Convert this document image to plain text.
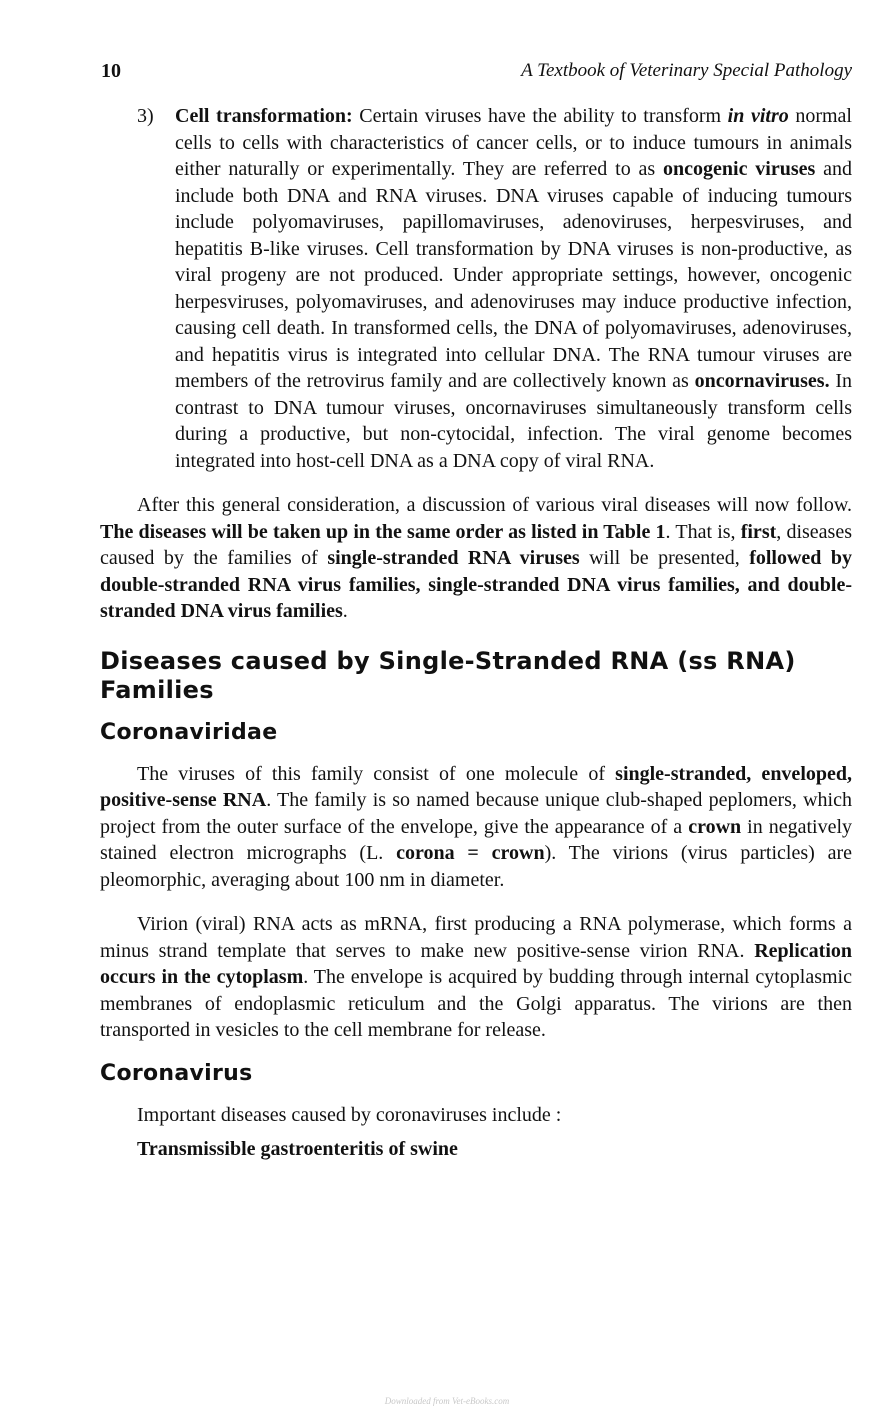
10	A Textbook of Veterinary Special Pathology

3) Cell transformation: Certain viruses have the ability to transform in vitro normal cells to cells with characteristics of cancer cells, or to induce tumours in animals either naturally or experimentally. They are referred to as oncogenic viruses and include both DNA and RNA viruses. DNA viruses capable of inducing tumours include polyomaviruses, papillomaviruses, adenoviruses, herpesviruses, and hepatitis B-like viruses. Cell transformation by DNA viruses is non-productive, as viral progeny are not produced. Under appropriate settings, however, oncogenic herpesviruses, polyomaviruses, and adenoviruses may induce productive infection, causing cell death. In transformed cells, the DNA of polyomaviruses, adenoviruses, and hepatitis virus is integrated into cellular DNA. The RNA tumour viruses are members of the retrovirus family and are collectively known as oncornaviruses. In contrast to DNA tumour viruses, oncornaviruses simultaneously transform cells during a productive, but non-cytocidal, infection. The viral genome becomes integrated into host-cell DNA as a DNA copy of viral RNA.

After this general consideration, a discussion of various viral diseases will now follow. The diseases will be taken up in the same order as listed in Table 1. That is, first, diseases caused by the families of single-stranded RNA viruses will be presented, followed by double-stranded RNA virus families, single-stranded DNA virus families, and double-stranded DNA virus families.

Diseases caused by Single-Stranded RNA (ss RNA) Families
Coronaviridae

The viruses of this family consist of one molecule of single-stranded, enveloped, positive-sense RNA. The family is so named because unique club-shaped peplomers, which project from the outer surface of the envelope, give the appearance of a crown in negatively stained electron micrographs (L. corona = crown). The virions (virus particles) are pleomorphic, averaging about 100 nm in diameter.

Virion (viral) RNA acts as mRNA, first producing a RNA polymerase, which forms a minus strand template that serves to make new positive-sense virion RNA. Replication occurs in the cytoplasm. The envelope is acquired by budding through internal cytoplasmic membranes of endoplasmic reticulum and the Golgi apparatus. The virions are then transported in vesicles to the cell membrane for release.

Coronavirus

Important diseases caused by coronaviruses include :

Transmissible gastroenteritis of swine

Downloaded from Vet-eBooks.com
